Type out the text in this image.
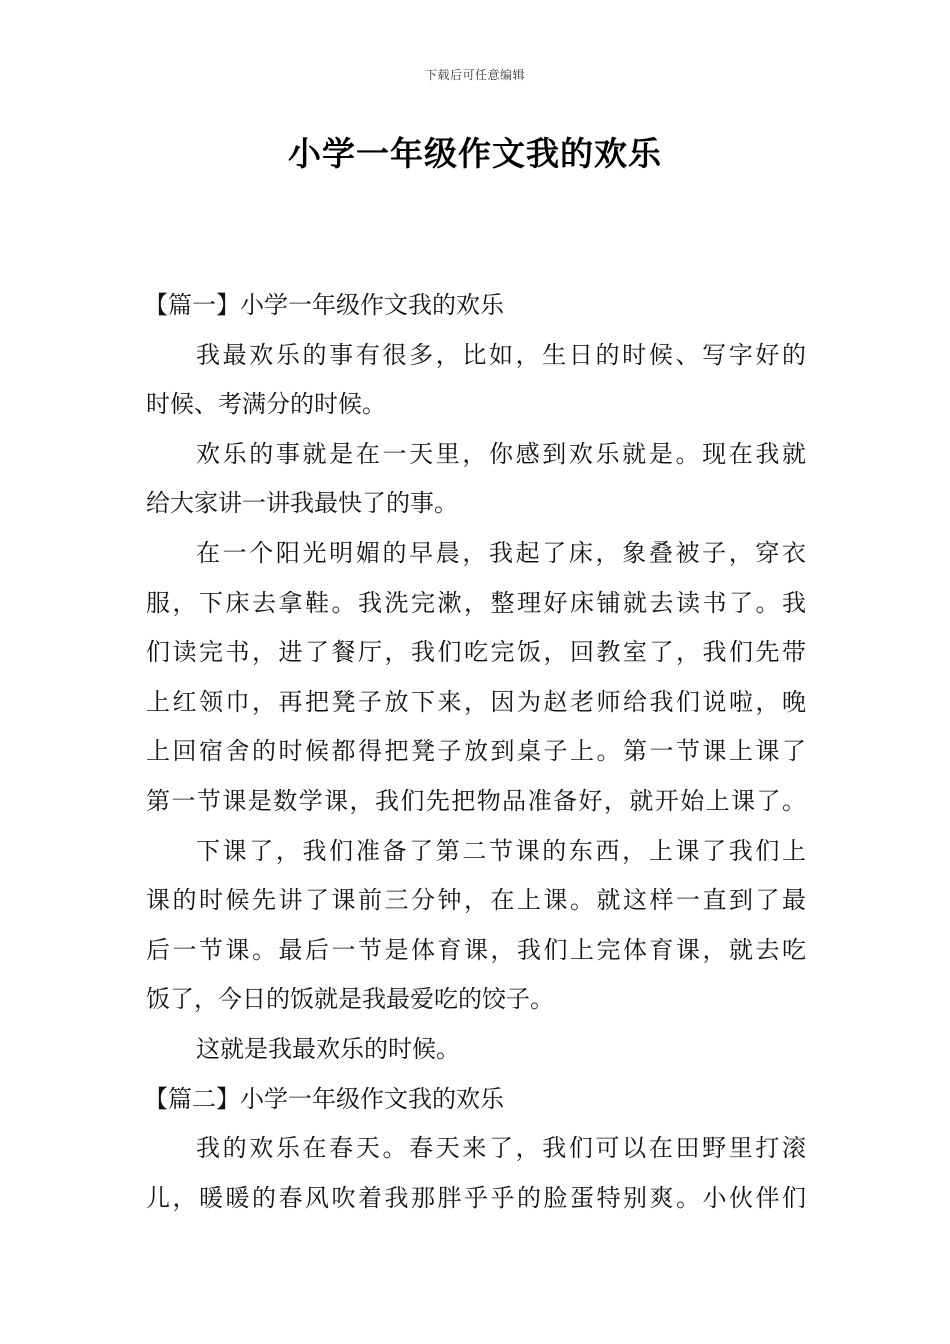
下载后可任意编辑
小学一年级作文我的欢乐
【篇一】小学一年级作文我的欢乐
我最欢乐的事有很多，比如，生日的时候、写字好的
时候、考满分的时候。
欢乐的事就是在一天里，你感到欢乐就是。现在我就
给大家讲一讲我最快了的事。
在一个阳光明媚的早晨，我起了床，象叠被子，穿衣
服，下床去拿鞋。我洗完漱，整理好床铺就去读书了。我
们读完书，进了餐厅，我们吃完饭，回教室了，我们先带
上红领巾，再把凳子放下来，因为赵老师给我们说啦，晚
上回宿舍的时候都得把凳子放到桌子上。第一节课上课了
第一节课是数学课，我们先把物品准备好，就开始上课了。
下课了，我们准备了第二节课的东西，上课了我们上
课的时候先讲了课前三分钟，在上课。就这样一直到了最
后一节课。最后一节是体育课，我们上完体育课，就去吃
饭了，今日的饭就是我最爱吃的饺子。
这就是我最欢乐的时候。
【篇二】小学一年级作文我的欢乐
我的欢乐在春天。春天来了，我们可以在田野里打滚
儿，暖暖的春风吹着我那胖乎乎的脸蛋特别爽。小伙伴们
